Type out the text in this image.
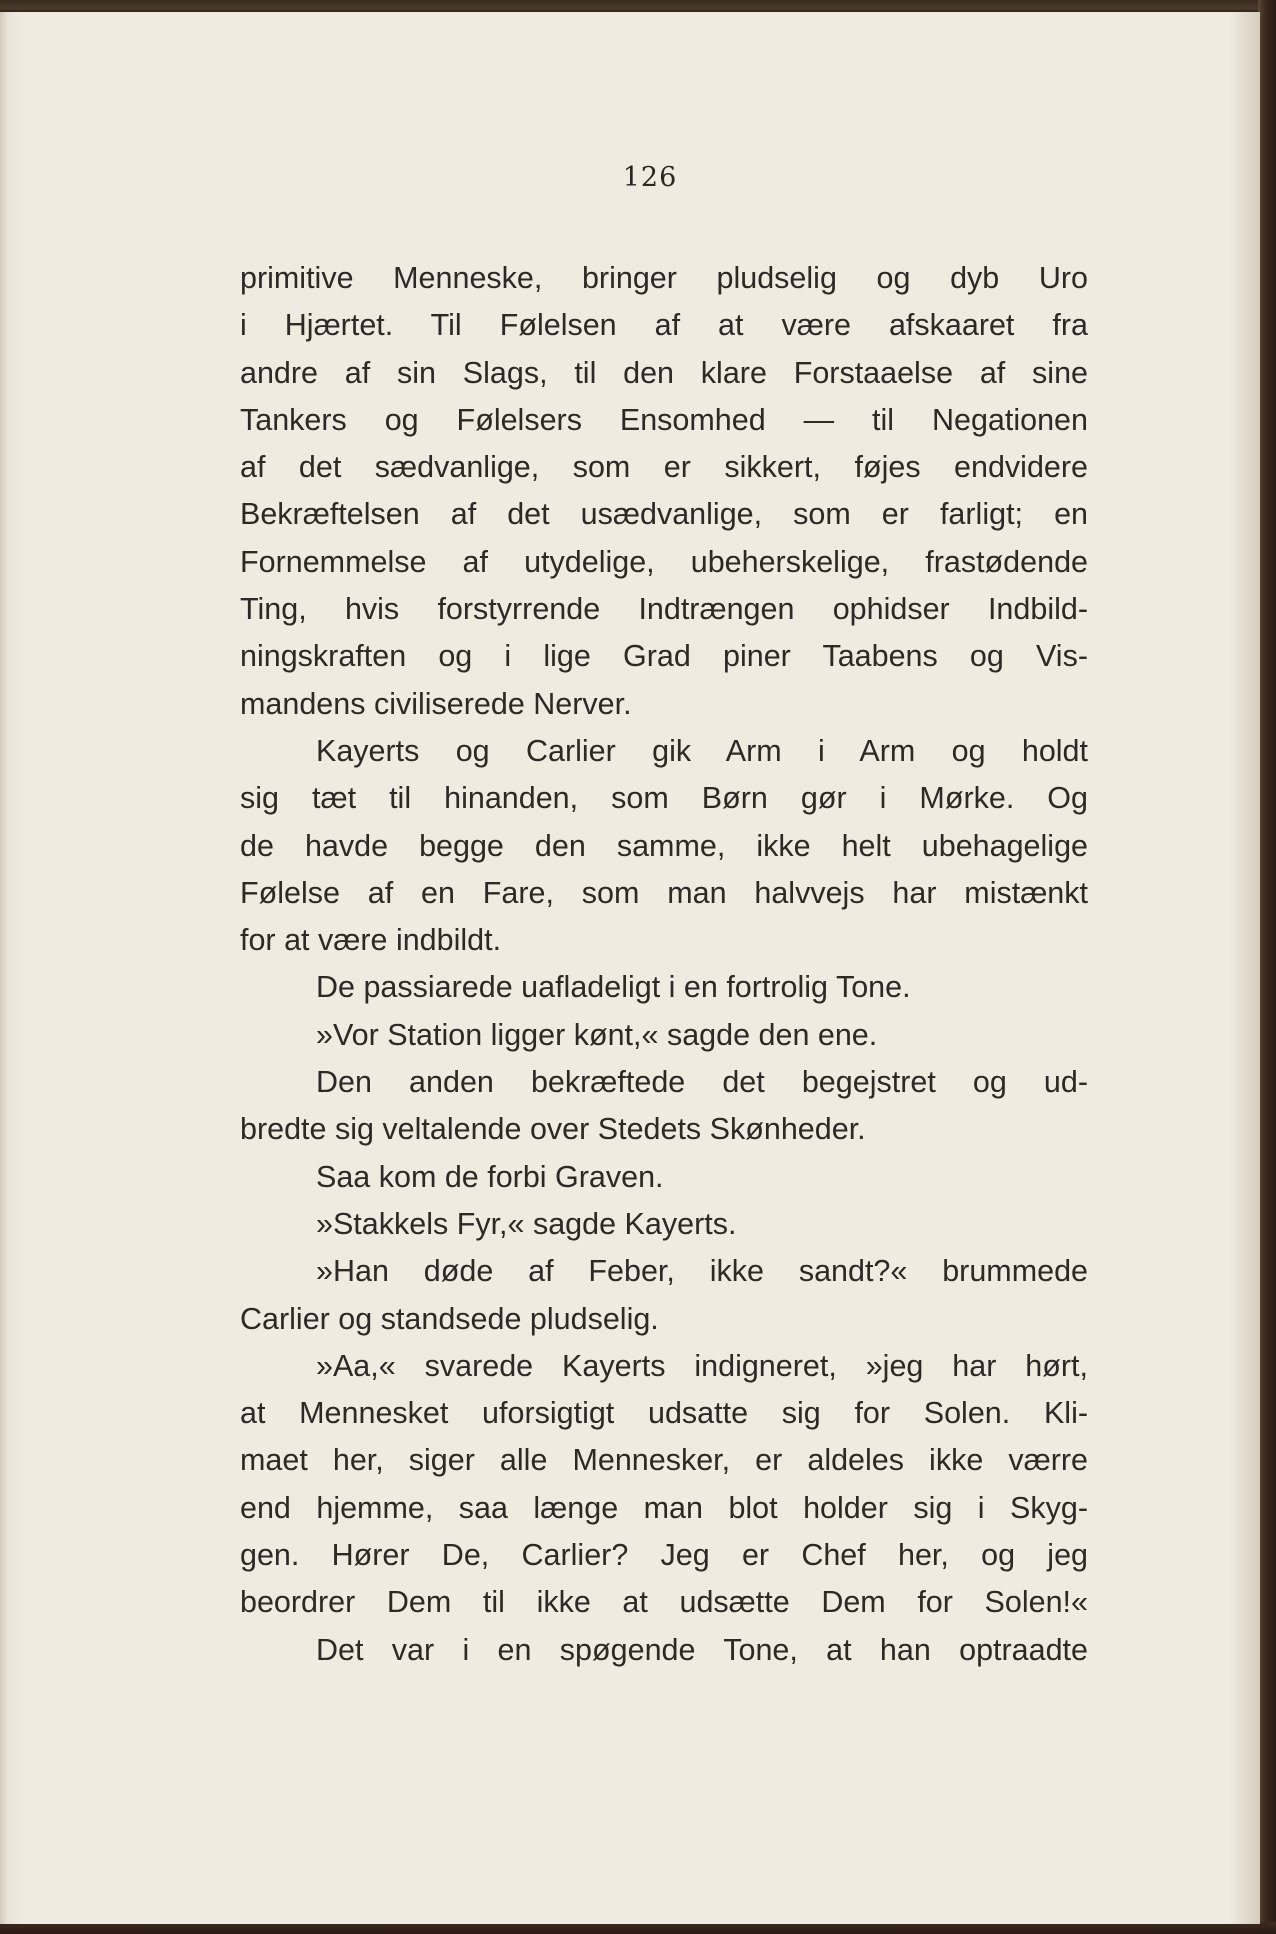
126
primitive Menneske, bringer pludselig og dyb Uro
i Hjærtet. Til Følelsen af at være afskaaret fra
andre af sin Slags, til den klare Forstaaelse af sine
Tankers og Følelsers Ensomhed — til Negationen
af det sædvanlige, som er sikkert, føjes endvidere
Bekræftelsen af det usædvanlige, som er farligt; en
Fornemmelse af utydelige, ubeherskelige, frastødende
Ting, hvis forstyrrende Indtrængen ophidser Indbild-
ningskraften og i lige Grad piner Taabens og Vis-
mandens civiliserede Nerver.
Kayerts og Carlier gik Arm i Arm og holdt
sig tæt til hinanden, som Børn gør i Mørke. Og
de havde begge den samme, ikke helt ubehagelige
Følelse af en Fare, som man halvvejs har mistænkt
for at være indbildt.
De passiarede uafladeligt i en fortrolig Tone.
»Vor Station ligger kønt,« sagde den ene.
Den anden bekræftede det begejstret og ud-
bredte sig veltalende over Stedets Skønheder.
Saa kom de forbi Graven.
»Stakkels Fyr,« sagde Kayerts.
»Han døde af Feber, ikke sandt?« brummede
Carlier og standsede pludselig.
»Aa,« svarede Kayerts indigneret, »jeg har hørt,
at Mennesket uforsigtigt udsatte sig for Solen. Kli-
maet her, siger alle Mennesker, er aldeles ikke værre
end hjemme, saa længe man blot holder sig i Skyg-
gen. Hører De, Carlier? Jeg er Chef her, og jeg
beordrer Dem til ikke at udsætte Dem for Solen!«
Det var i en spøgende Tone, at han optraadte
